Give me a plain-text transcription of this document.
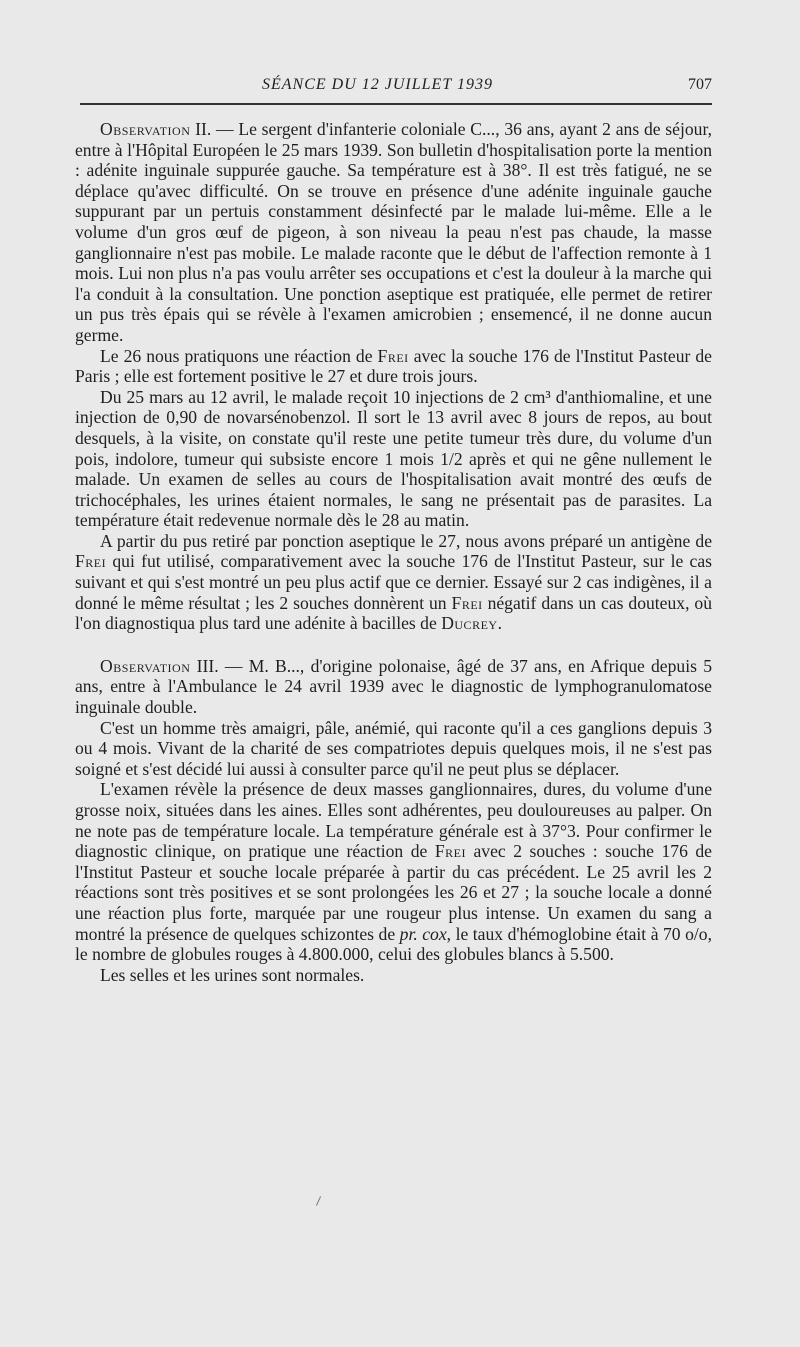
SÉANCE DU 12 JUILLET 1939	707

Observation II. — Le sergent d'infanterie coloniale C..., 36 ans, ayant 2 ans de séjour, entre à l'Hôpital Européen le 25 mars 1939. Son bulletin d'hospitalisation porte la mention : adénite inguinale suppurée gauche. Sa température est à 38°. Il est très fatigué, ne se déplace qu'avec difficulté. On se trouve en présence d'une adénite inguinale gauche suppurant par un pertuis constamment désinfecté par le malade lui-même. Elle a le volume d'un gros œuf de pigeon, à son niveau la peau n'est pas chaude, la masse ganglionnaire n'est pas mobile. Le malade raconte que le début de l'affection remonte à 1 mois. Lui non plus n'a pas voulu arrêter ses occupations et c'est la douleur à la marche qui l'a conduit à la consultation. Une ponction aseptique est pratiquée, elle permet de retirer un pus très épais qui se révèle à l'examen amicrobien ; ensemencé, il ne donne aucun germe.

Le 26 nous pratiquons une réaction de Frei avec la souche 176 de l'Institut Pasteur de Paris ; elle est fortement positive le 27 et dure trois jours.

Du 25 mars au 12 avril, le malade reçoit 10 injections de 2 cm³ d'anthiomaline, et une injection de 0,90 de novarsénobenzol. Il sort le 13 avril avec 8 jours de repos, au bout desquels, à la visite, on constate qu'il reste une petite tumeur très dure, du volume d'un pois, indolore, tumeur qui subsiste encore 1 mois 1/2 après et qui ne gêne nullement le malade. Un examen de selles au cours de l'hospitalisation avait montré des œufs de trichocéphales, les urines étaient normales, le sang ne présentait pas de parasites. La température était redevenue normale dès le 28 au matin.

A partir du pus retiré par ponction aseptique le 27, nous avons préparé un antigène de Frei qui fut utilisé, comparativement avec la souche 176 de l'Institut Pasteur, sur le cas suivant et qui s'est montré un peu plus actif que ce dernier. Essayé sur 2 cas indigènes, il a donné le même résultat ; les 2 souches donnèrent un Frei négatif dans un cas douteux, où l'on diagnostiqua plus tard une adénite à bacilles de Ducrey.

Observation III. — M. B..., d'origine polonaise, âgé de 37 ans, en Afrique depuis 5 ans, entre à l'Ambulance le 24 avril 1939 avec le diagnostic de lymphogranulomatose inguinale double.

C'est un homme très amaigri, pâle, anémié, qui raconte qu'il a ces ganglions depuis 3 ou 4 mois. Vivant de la charité de ses compatriotes depuis quelques mois, il ne s'est pas soigné et s'est décidé lui aussi à consulter parce qu'il ne peut plus se déplacer.

L'examen révèle la présence de deux masses ganglionnaires, dures, du volume d'une grosse noix, situées dans les aines. Elles sont adhérentes, peu douloureuses au palper. On ne note pas de température locale. La température générale est à 37°3. Pour confirmer le diagnostic clinique, on pratique une réaction de Frei avec 2 souches : souche 176 de l'Institut Pasteur et souche locale préparée à partir du cas précédent. Le 25 avril les 2 réactions sont très positives et se sont prolongées les 26 et 27 ; la souche locale a donné une réaction plus forte, marquée par une rougeur plus intense. Un examen du sang a montré la présence de quelques schizontes de pr. cox, le taux d'hémoglobine était à 70 o/o, le nombre de globules rouges à 4.800.000, celui des globules blancs à 5.500.

Les selles et les urines sont normales.
